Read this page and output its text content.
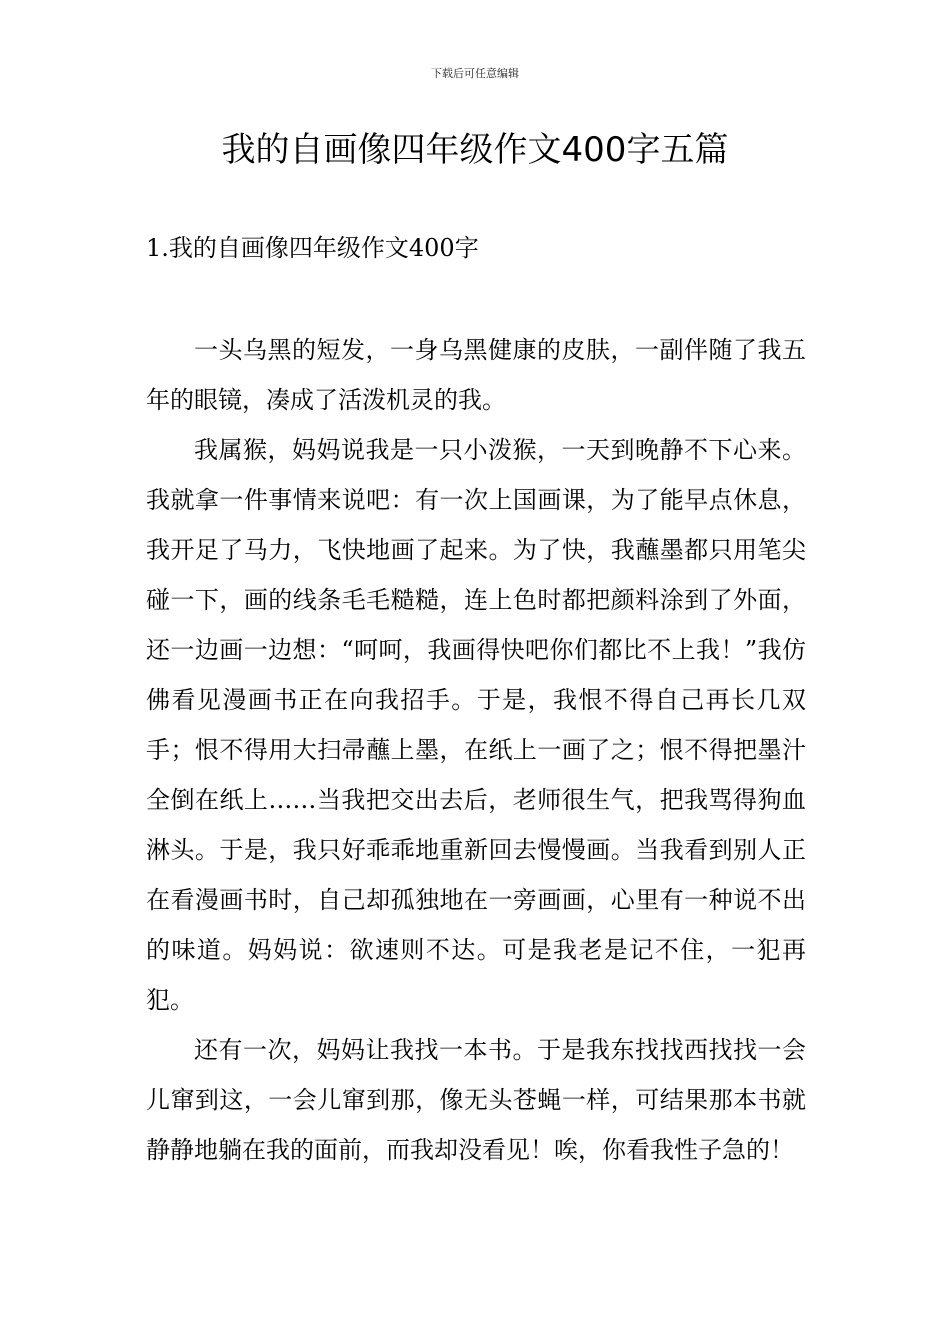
下载后可任意编辑
我的自画像四年级作文400字五篇
1.我的自画像四年级作文400字

一头乌黑的短发，一身乌黑健康的皮肤，一副伴随了我五年的眼镜，凑成了活泼机灵的我。

我属猴，妈妈说我是一只小泼猴，一天到晚静不下心来。我就拿一件事情来说吧：有一次上国画课，为了能早点休息，我开足了马力，飞快地画了起来。为了快，我蘸墨都只用笔尖碰一下，画的线条毛毛糙糙，连上色时都把颜料涂到了外面，还一边画一边想：“呵呵，我画得快吧你们都比不上我！”我仿佛看见漫画书正在向我招手。于是，我恨不得自己再长几双手；恨不得用大扫帚蘸上墨，在纸上一画了之；恨不得把墨汁全倒在纸上……当我把交出去后，老师很生气，把我骂得狗血淋头。于是，我只好乖乖地重新回去慢慢画。当我看到别人正在看漫画书时，自己却孤独地在一旁画画，心里有一种说不出的味道。妈妈说：欲速则不达。可是我老是记不住，一犯再犯。

还有一次，妈妈让我找一本书。于是我东找找西找找一会儿窜到这，一会儿窜到那，像无头苍蝇一样，可结果那本书就静静地躺在我的面前，而我却没看见！唉，你看我性子急的！
